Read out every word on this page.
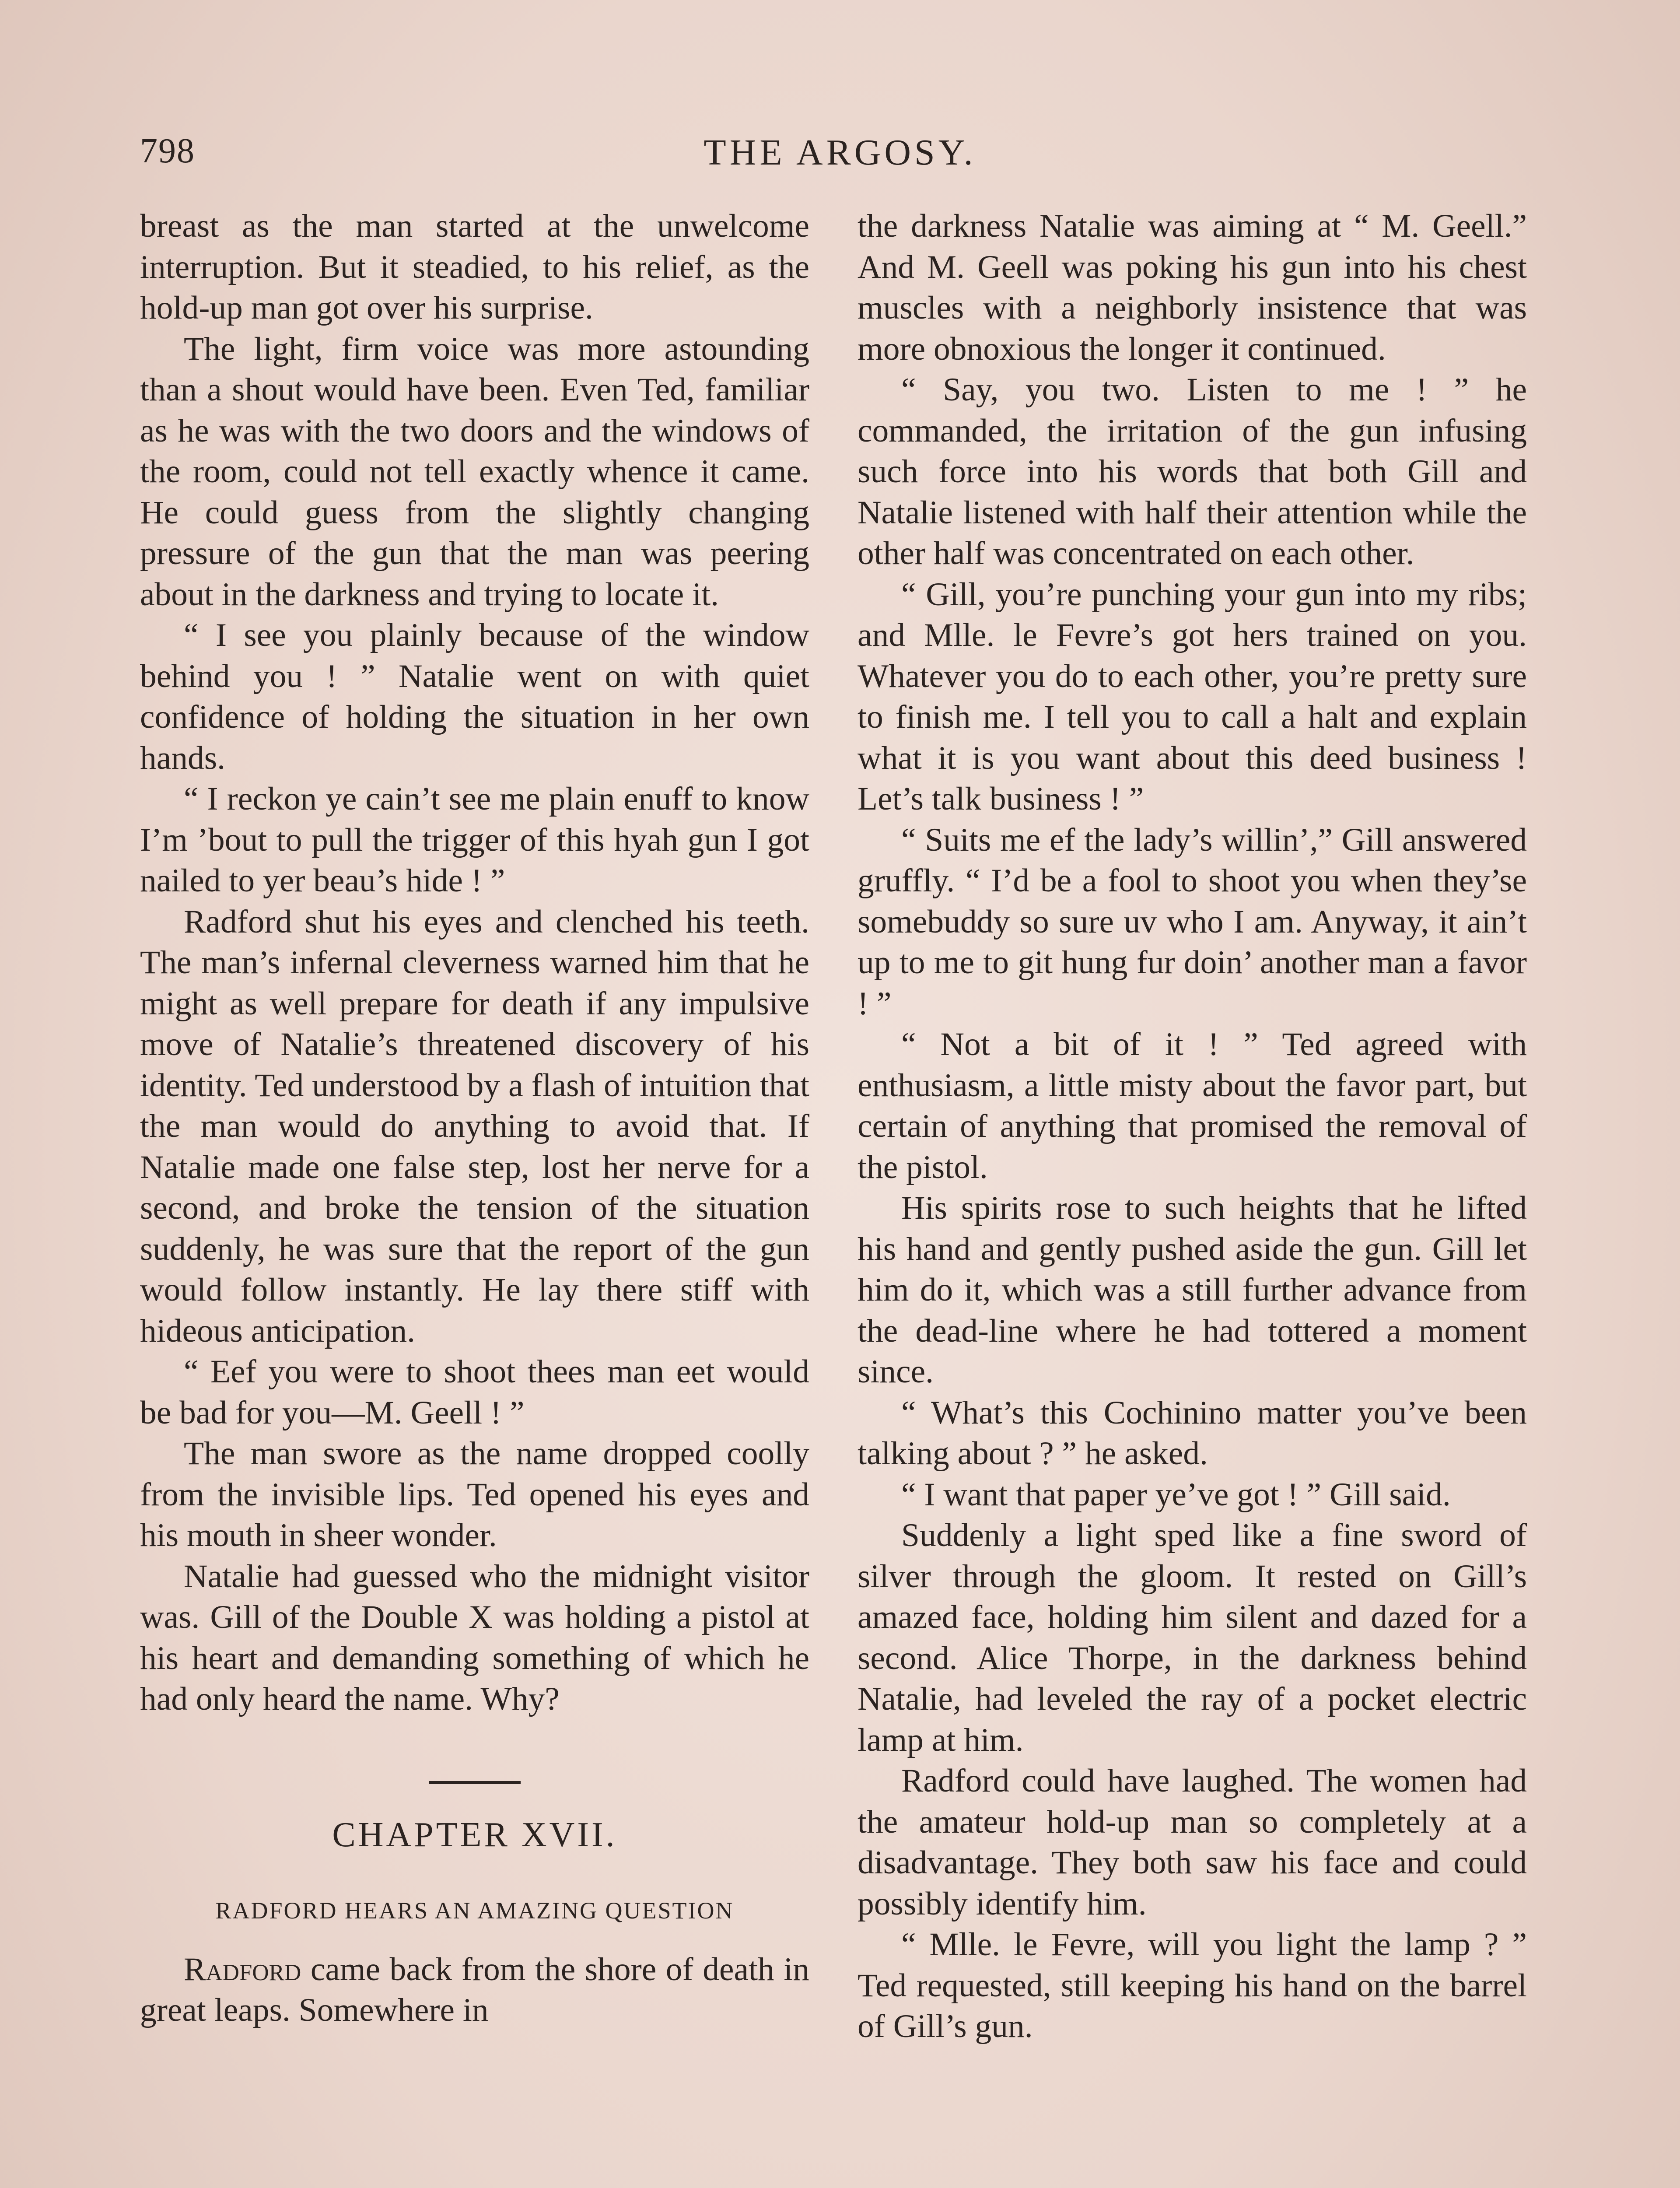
798	THE ARGOSY.

breast as the man started at the unwelcome interruption. But it steadied, to his relief, as the hold-up man got over his surprise.

The light, firm voice was more astounding than a shout would have been. Even Ted, familiar as he was with the two doors and the windows of the room, could not tell exactly whence it came. He could guess from the slightly changing pressure of the gun that the man was peering about in the darkness and trying to locate it.

“ I see you plainly because of the window behind you ! ” Natalie went on with quiet confidence of holding the situation in her own hands.

“ I reckon ye cain’t see me plain enuff to know I’m ’bout to pull the trigger of this hyah gun I got nailed to yer beau’s hide ! ”

Radford shut his eyes and clenched his teeth. The man’s infernal cleverness warned him that he might as well prepare for death if any impulsive move of Natalie’s threatened discovery of his identity. Ted understood by a flash of intuition that the man would do anything to avoid that. If Natalie made one false step, lost her nerve for a second, and broke the tension of the situation suddenly, he was sure that the report of the gun would follow instantly. He lay there stiff with hideous anticipation.

“ Eef you were to shoot thees man eet would be bad for you—M. Geell ! ”

The man swore as the name dropped coolly from the invisible lips. Ted opened his eyes and his mouth in sheer wonder.

Natalie had guessed who the midnight visitor was. Gill of the Double X was holding a pistol at his heart and demanding something of which he had only heard the name. Why?

CHAPTER XVII.
RADFORD HEARS AN AMAZING QUESTION

Radford came back from the shore of death in great leaps. Somewhere in

the darkness Natalie was aiming at “ M. Geell.” And M. Geell was poking his gun into his chest muscles with a neighborly insistence that was more obnoxious the longer it continued.

“ Say, you two. Listen to me ! ” he commanded, the irritation of the gun infusing such force into his words that both Gill and Natalie listened with half their attention while the other half was concentrated on each other.

“ Gill, you’re punching your gun into my ribs; and Mlle. le Fevre’s got hers trained on you. Whatever you do to each other, you’re pretty sure to finish me. I tell you to call a halt and explain what it is you want about this deed business ! Let’s talk business ! ”

“ Suits me ef the lady’s willin’,” Gill answered gruffly. “ I’d be a fool to shoot you when they’se somebuddy so sure uv who I am. Anyway, it ain’t up to me to git hung fur doin’ another man a favor ! ”

“ Not a bit of it ! ” Ted agreed with enthusiasm, a little misty about the favor part, but certain of anything that promised the removal of the pistol.

His spirits rose to such heights that he lifted his hand and gently pushed aside the gun. Gill let him do it, which was a still further advance from the dead-line where he had tottered a moment since.

“ What’s this Cochinino matter you’ve been talking about ? ” he asked.

“ I want that paper ye’ve got ! ” Gill said.

Suddenly a light sped like a fine sword of silver through the gloom. It rested on Gill’s amazed face, holding him silent and dazed for a second. Alice Thorpe, in the darkness behind Natalie, had leveled the ray of a pocket electric lamp at him.

Radford could have laughed. The women had the amateur hold-up man so completely at a disadvantage. They both saw his face and could possibly identify him.

“ Mlle. le Fevre, will you light the lamp ? ” Ted requested, still keeping his hand on the barrel of Gill’s gun.
